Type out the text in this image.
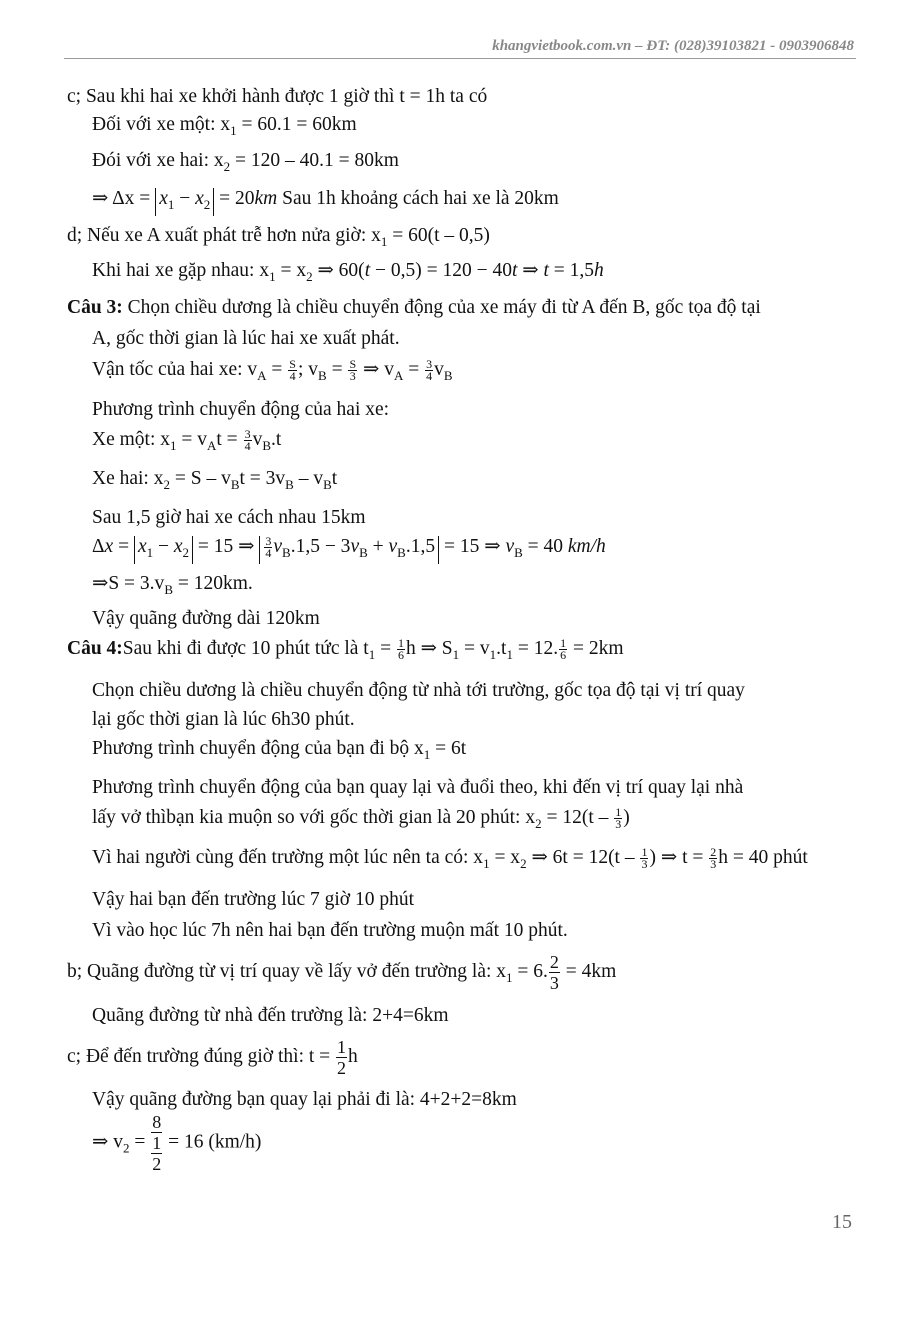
khangvietbook.com.vn – ĐT: (028)39103821 - 0903906848
c; Sau khi hai xe khởi hành được 1 giờ thì t = 1h ta có
Đối với xe một: $x_1 = 60.1 = 60km$
Đói với xe hai: $x_2 = 120 - 40.1 = 80km$
⇒ $\Delta x = x_1 - x_2 = 20km$ Sau 1h khoảng cách hai xe là 20km
d; Nếu xe A xuất phát trễ hơn nửa giờ: $x_1 = 60(t - 0,5)$
Khi hai xe gặp nhau: $x_1 = x_2$ ⇒ 60(t − 0,5) = 120 − 40t ⇒ t = 1,5h
Câu 3: Chọn chiều dương là chiều chuyển động của xe máy đi từ A đến B, gốc tọa độ tại
A, gốc thời gian là lúc hai xe xuất phát.
Vận tốc của hai xe: $v_A = \frac{S}{4}$ ; $v_B = \frac{S}{3}$ ⇒ $v_A = \frac{3}{4} v_B$
Phương trình chuyển động của hai xe:
Xe một: $x_1 = v_At = \frac{3}{4} v_B.t$
Xe hai: $x_2 = S - v_Bt = 3v_B - v_Bt$
Sau 1,5 giờ hai xe cách nhau 15km
$\Delta x = x_1 - x_2 = 15$ ⇒ $\frac{3}{4} v_B.1,5 - 3v_B + v_B.1,5 = 15$ ⇒ $v_B = 40$ km/h
⇒S = $3.v_B = 120km$.
Vậy quãng đường dài 120km
Câu 4:Sau khi đi được 10 phút tức là $t_1 = \frac{1}{6}$ h ⇒ $S_1 = v_1.t_1 = 12$. $\frac{1}{6} = 2km$
Chọn chiều dương là chiều chuyển động từ nhà tới trường, gốc tọa độ tại vị trí quay
lại gốc thời gian là lúc 6h30 phút.
Phương trình chuyển động của bạn đi bộ $x_1 = 6t$
Phương trình chuyển động của bạn quay lại và đuổi theo, khi đến vị trí quay lại nhà
lấy vở thìbạn kia muộn so với gốc thời gian là 20 phút: $x_2 = 12(t - \frac{1}{3}$ )
Vì hai người cùng đến trường một lúc nên ta có: $x_1 = x_2$ ⇒ $6t = 12(t - \frac{1}{3}$ ) ⇒ $t = \frac{2}{3}$ h = 40 phút
Vậy hai bạn đến trường lúc 7 giờ 10 phút
Vì vào học lúc 7h nên hai bạn đến trường muộn mất 10 phút.
b; Quãng đường từ vị trí quay về lấy vở đến trường là: $x_1 = 6$. $\frac{2}{3} = 4km$
Quãng đường từ nhà đến trường là: 2+4=6km
c; Để đến trường đúng giờ thì: $t = \frac{1}{2}$ h
Vậy quãng đường bạn quay lại phải đi là: 4+2+2=8km
⇒ $v_2 = \frac{8}{\frac{1}{2}} = 16$ (km/h)
15
